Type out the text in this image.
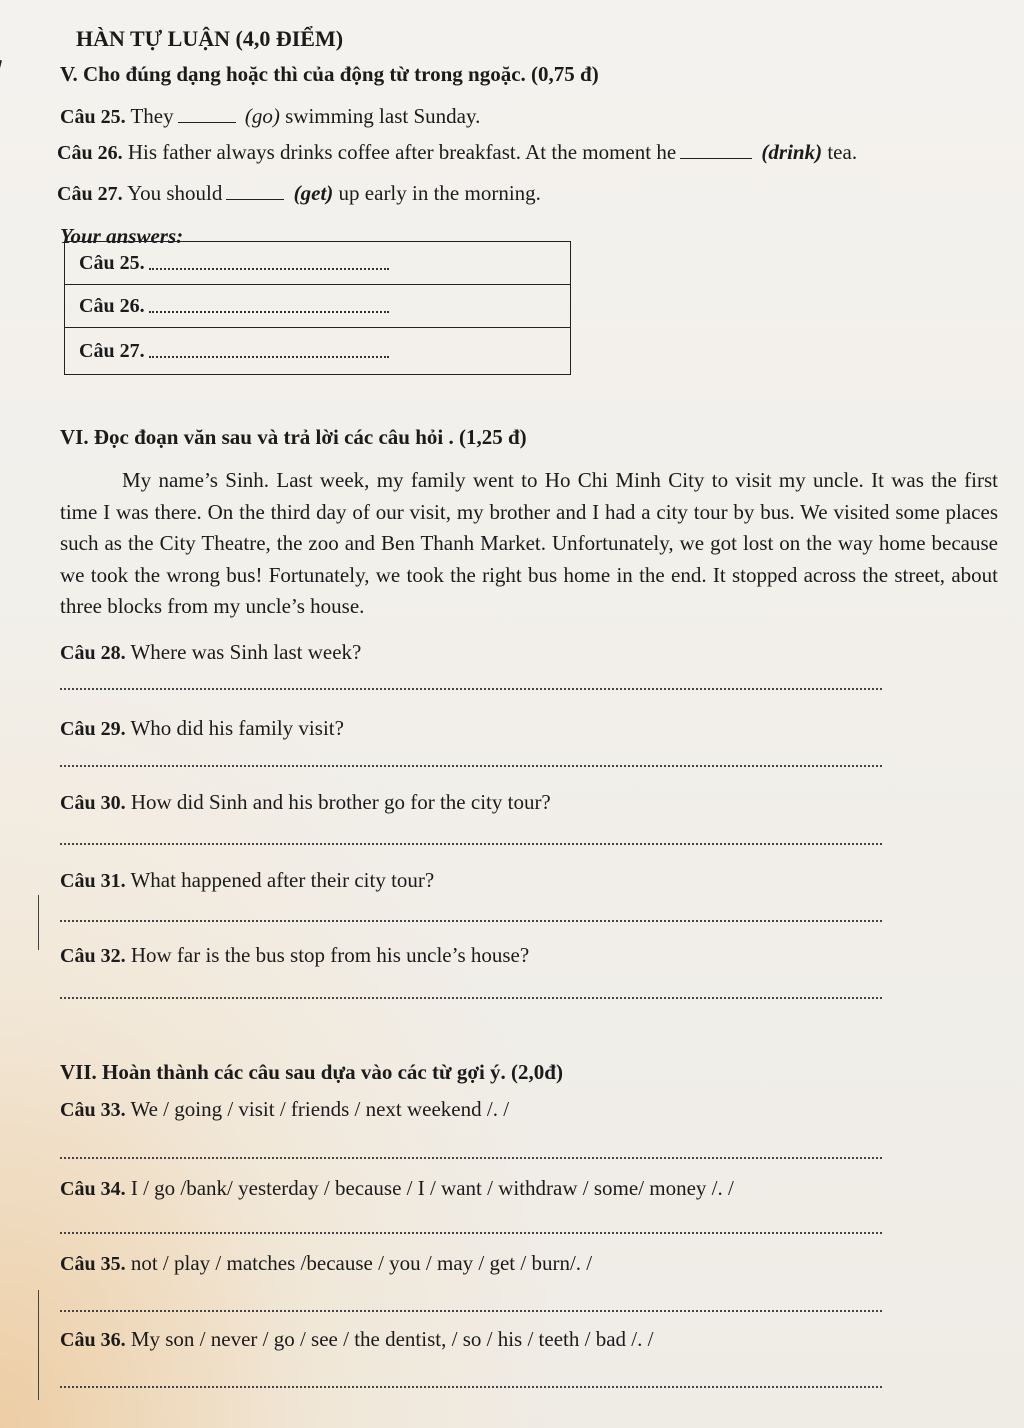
HÀN TỰ LUẬN (4,0 ĐIỂM)
V. Cho đúng dạng hoặc thì của động từ trong ngoặc. (0,75 đ)
Câu 25. They	(go) swimming last Sunday.
Câu 26. His father always drinks coffee after breakfast. At the moment he	(drink) tea.
Câu 27. You should	(get) up early in the morning.
Your answers:
Câu 25.
Câu 26.
Câu 27.
VI. Đọc đoạn văn sau và trả lời các câu hỏi . (1,25 đ)
My name’s Sinh. Last week, my family went to Ho Chi Minh City to visit my uncle. It was the first time I was there. On the third day of our visit, my brother and I had a city tour by bus. We visited some places such as the City Theatre, the zoo and Ben Thanh Market. Unfortunately, we got lost on the way home because we took the wrong bus! Fortunately, we took the right bus home in the end. It stopped across the street, about three blocks from my uncle’s house.
Câu 28. Where was Sinh last week?
Câu 29. Who did his family visit?
Câu 30. How did Sinh and his brother go for the city tour?
Câu 31. What happened after their city tour?
Câu 32. How far is the bus stop from his uncle’s house?
VII. Hoàn thành các câu sau dựa vào các từ gợi ý. (2,0đ)
Câu 33. We / going / visit / friends / next weekend /. /
Câu 34. I / go /bank/ yesterday / because / I / want / withdraw / some/ money /. /
Câu 35. not / play / matches /because / you / may / get / burn/. /
Câu 36. My son / never / go / see / the dentist, / so / his / teeth / bad /. /
